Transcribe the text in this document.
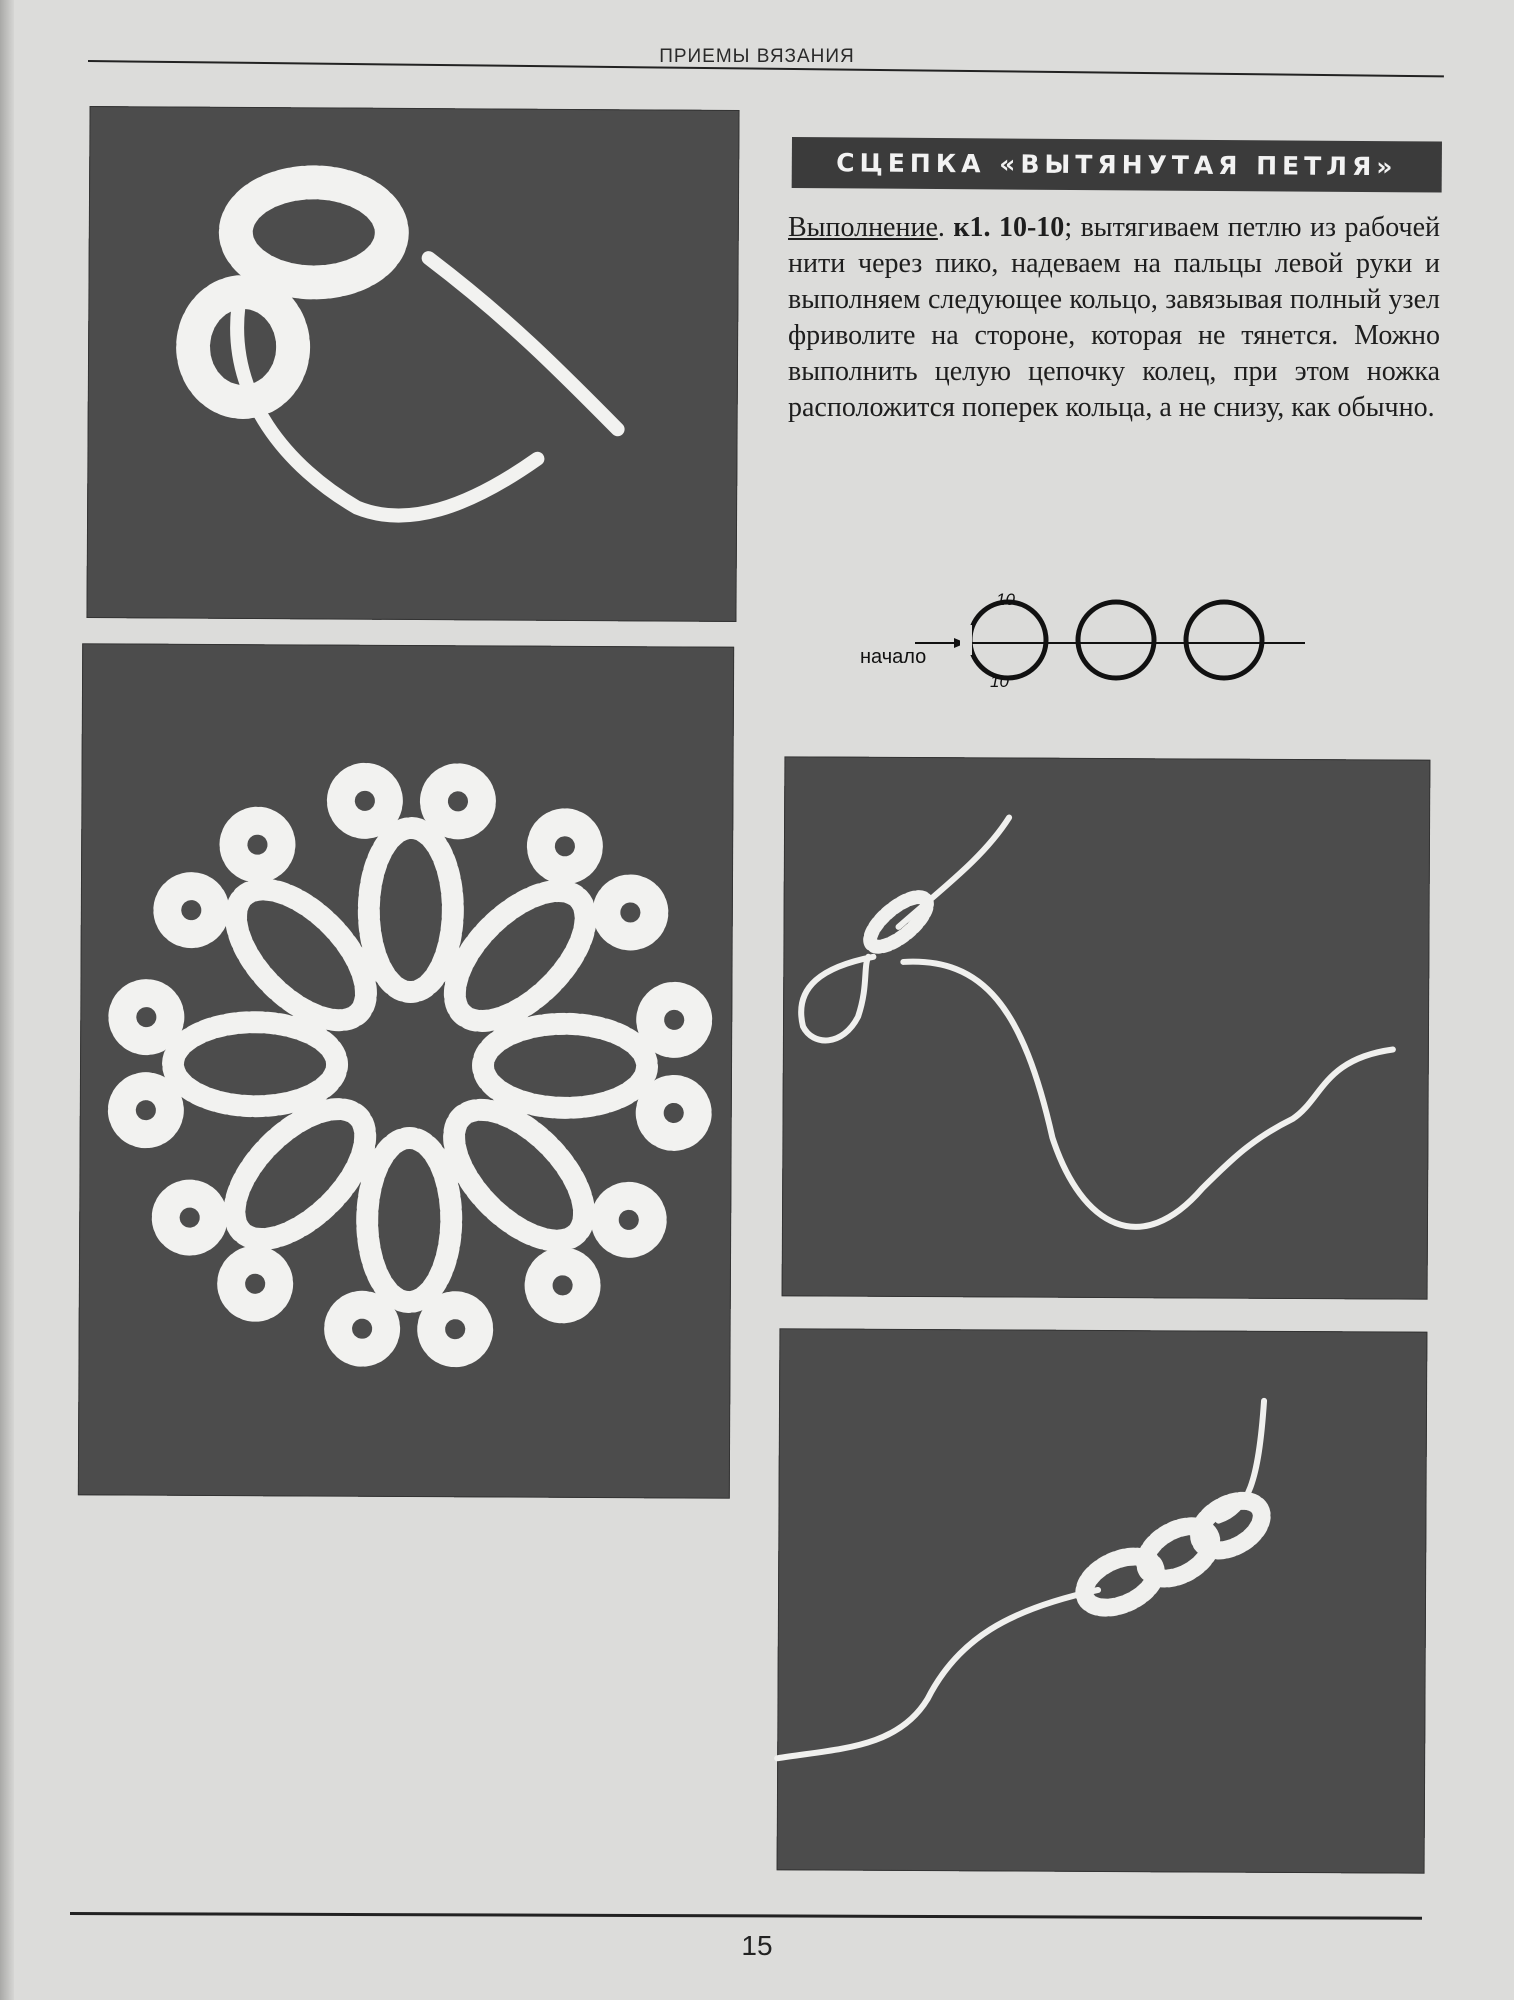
ПРИЕМЫ ВЯЗАНИЯ
СЦЕПКА «ВЫТЯНУТАЯ ПЕТЛЯ»
Выполнение. к1. 10-10; вытягиваем петлю из рабочей нити через пико, надеваем на пальцы левой руки и выполняем следующее кольцо, завязывая полный узел фриволите на стороне, которая не тянется. Можно выполнить целую цепочку колец, при этом ножка расположится поперек кольца, а не снизу, как обычно.
начало
10
10
15
